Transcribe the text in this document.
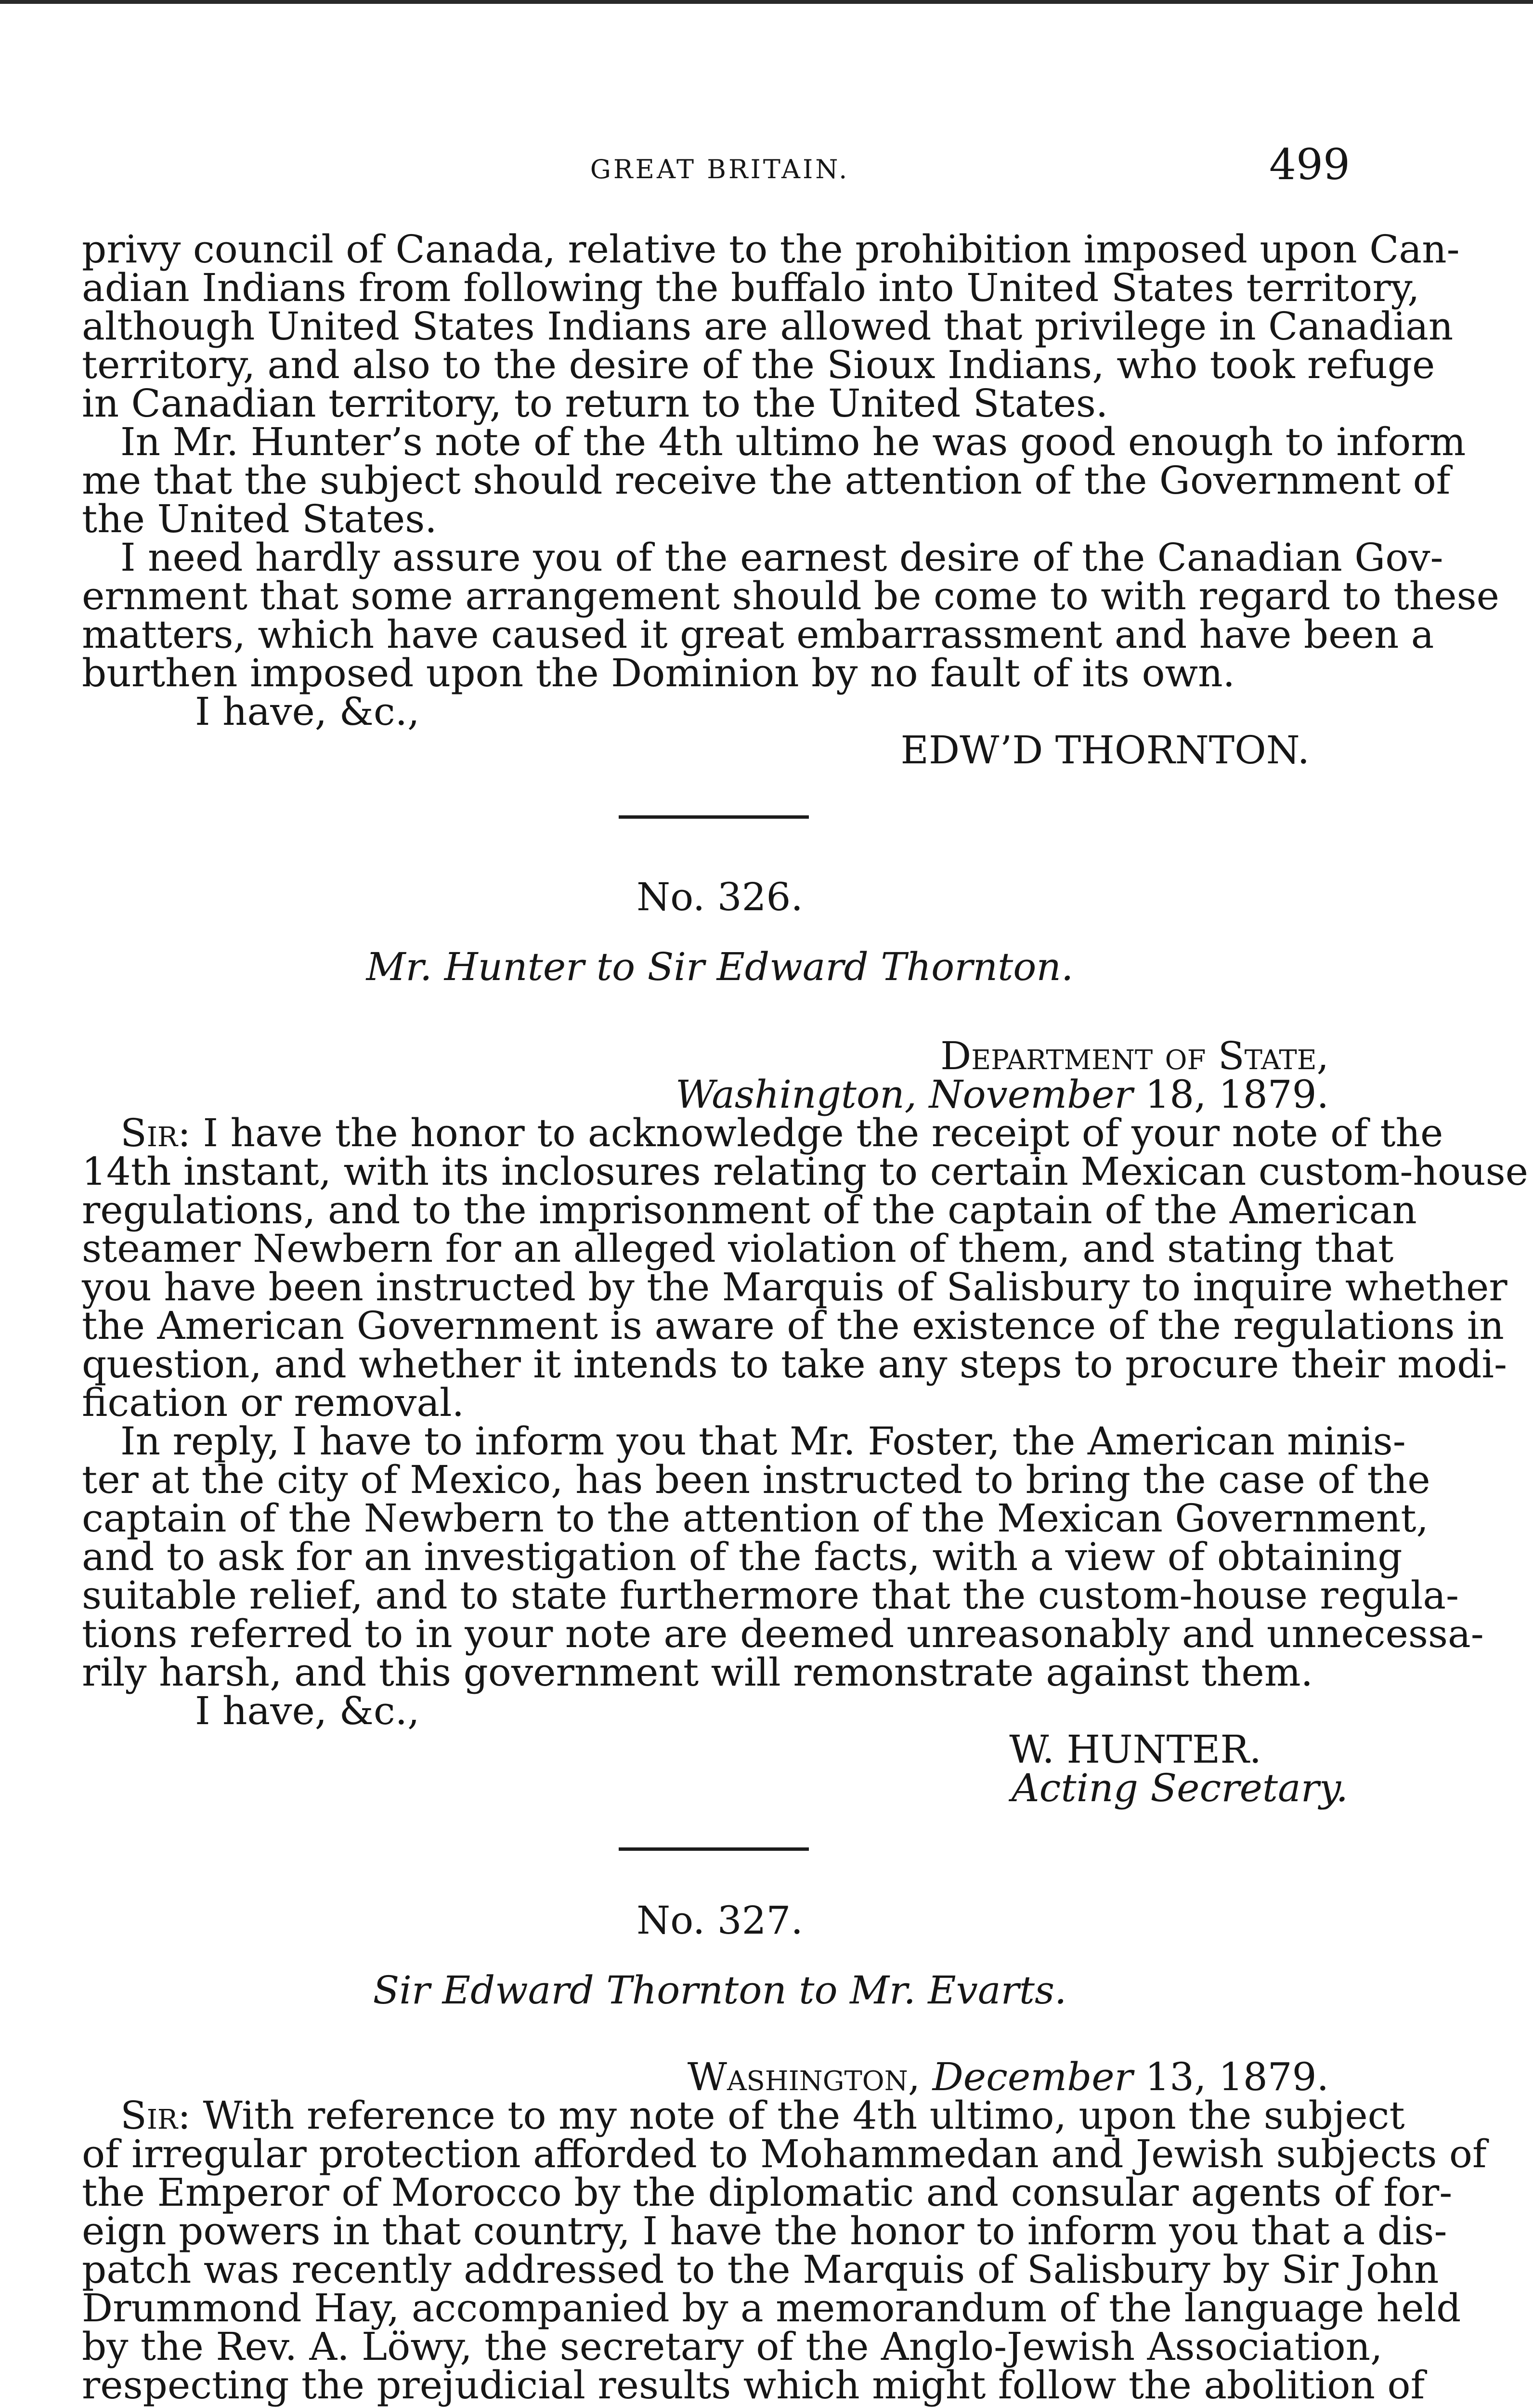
GREAT BRITAIN.	499
privy council of Canada, relative to the prohibition imposed upon Can-
adian Indians from following the buffalo into United States territory,
although United States Indians are allowed that privilege in Canadian
territory, and also to the desire of the Sioux Indians, who took refuge
in Canadian territory, to return to the United States.
In Mr. Hunter’s note of the 4th ultimo he was good enough to inform
me that the subject should receive the attention of the Government of
the United States.
I need hardly assure you of the earnest desire of the Canadian Gov-
ernment that some arrangement should be come to with regard to these
matters, which have caused it great embarrassment and have been a
burthen imposed upon the Dominion by no fault of its own.
I have, &c.,
EDW’D THORNTON.
No. 326.
Mr. Hunter to Sir Edward Thornton.
Department of State,
Washington, November 18, 1879.
Sir: I have the honor to acknowledge the receipt of your note of the
14th instant, with its inclosures relating to certain Mexican custom-house
regulations, and to the imprisonment of the captain of the American
steamer Newbern for an alleged violation of them, and stating that
you have been instructed by the Marquis of Salisbury to inquire whether
the American Government is aware of the existence of the regulations in
question, and whether it intends to take any steps to procure their modi-
fication or removal.
In reply, I have to inform you that Mr. Foster, the American minis-
ter at the city of Mexico, has been instructed to bring the case of the
captain of the Newbern to the attention of the Mexican Government,
and to ask for an investigation of the facts, with a view of obtaining
suitable relief, and to state furthermore that the custom-house regula-
tions referred to in your note are deemed unreasonably and unnecessa-
rily harsh, and this government will remonstrate against them.
I have, &c.,
W. HUNTER.
Acting Secretary.
No. 327.
Sir Edward Thornton to Mr. Evarts.
Washington, December 13, 1879.
Sir: With reference to my note of the 4th ultimo, upon the subject
of irregular protection afforded to Mohammedan and Jewish subjects of
the Emperor of Morocco by the diplomatic and consular agents of for-
eign powers in that country, I have the honor to inform you that a dis-
patch was recently addressed to the Marquis of Salisbury by Sir John
Drummond Hay, accompanied by a memorandum of the language held
by the Rev. A. Löwy, the secretary of the Anglo-Jewish Association,
respecting the prejudicial results which might follow the abolition of
